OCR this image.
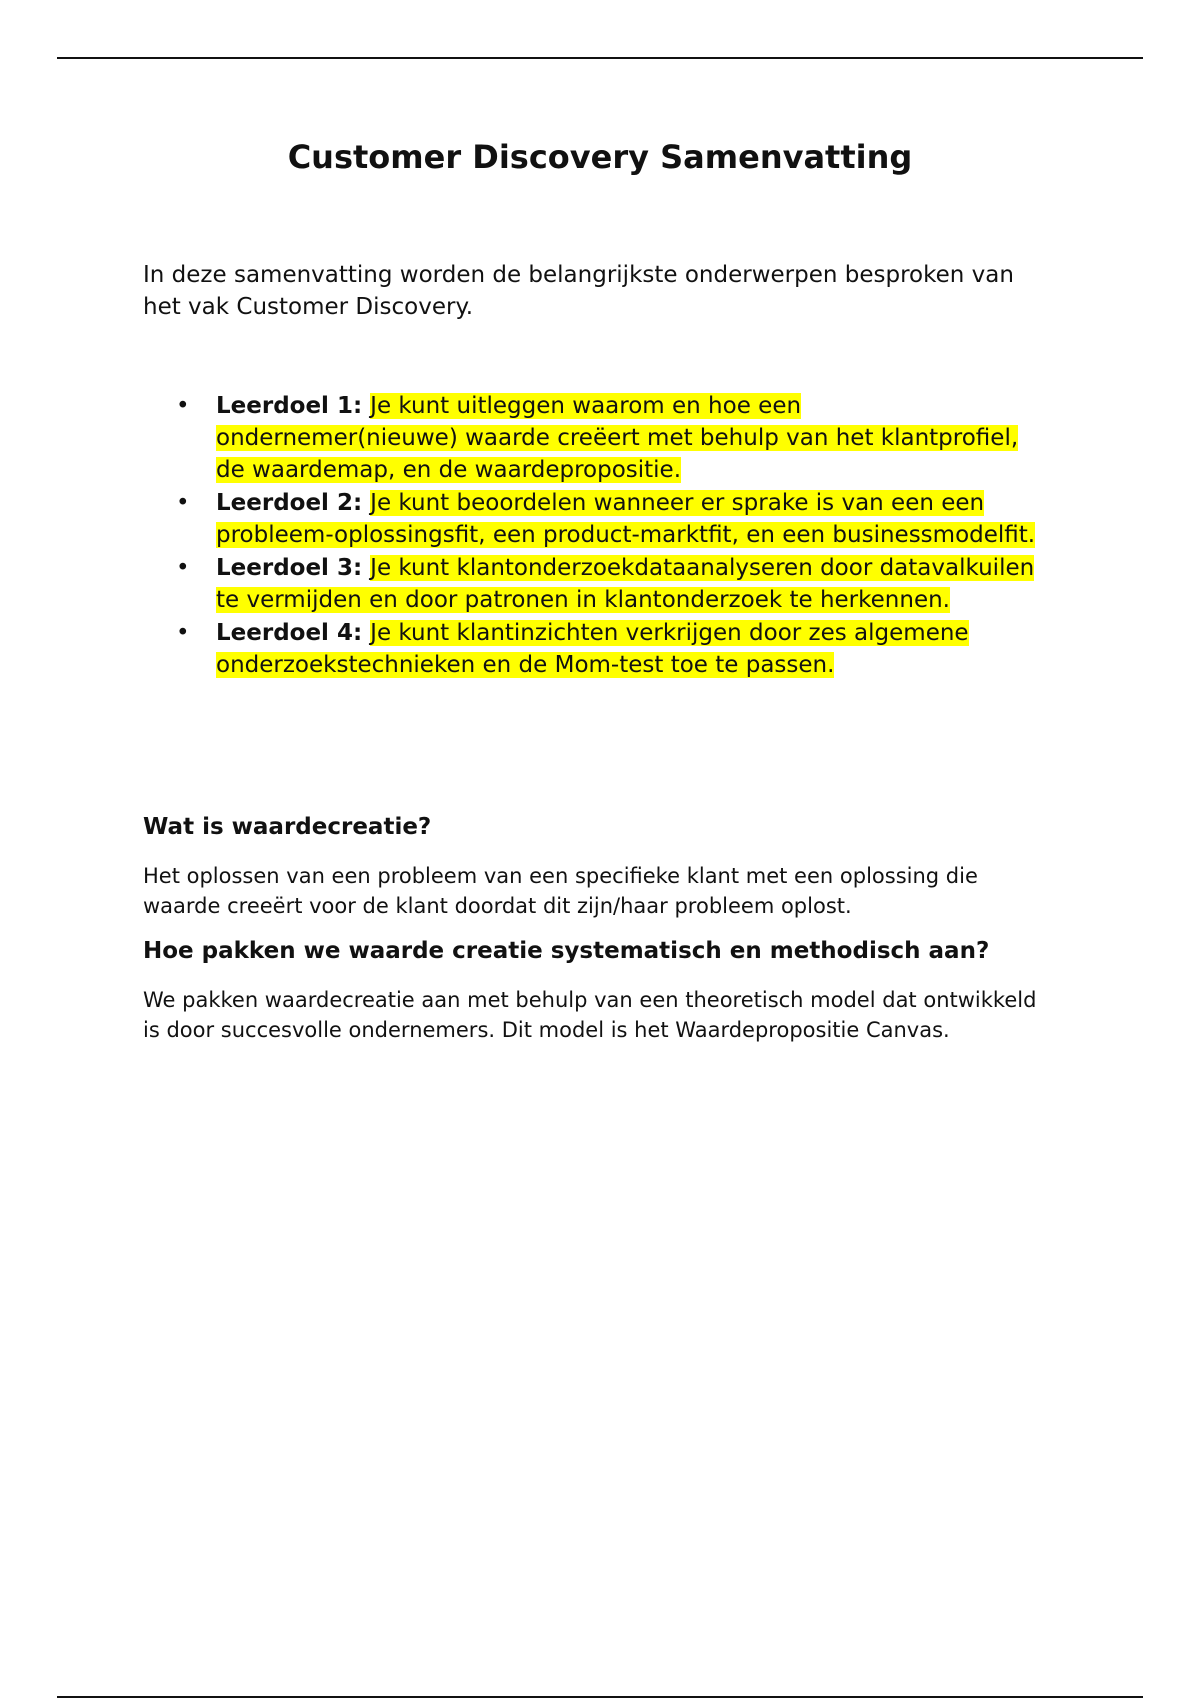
Customer Discovery Samenvatting

In deze samenvatting worden de belangrijkste onderwerpen besproken van het vak Customer Discovery.

• Leerdoel 1: Je kunt uitleggen waarom en hoe een ondernemer(nieuwe) waarde creëert met behulp van het klantprofiel, de waardemap, en de waardepropositie.
• Leerdoel 2: Je kunt beoordelen wanneer er sprake is van een een probleem-oplossingsfit, een product-marktfit, en een businessmodelfit.
• Leerdoel 3: Je kunt klantonderzoekdataanalyseren door datavalkuilen te vermijden en door patronen in klantonderzoek te herkennen.
• Leerdoel 4: Je kunt klantinzichten verkrijgen door zes algemene onderzoekstechnieken en de Mom-test toe te passen.
Wat is waardecreatie?

Het oplossen van een probleem van een specifieke klant met een oplossing die waarde creeërt voor de klant doordat dit zijn/haar probleem oplost.

Hoe pakken we waarde creatie systematisch en methodisch aan?

We pakken waardecreatie aan met behulp van een theoretisch model dat ontwikkeld is door succesvolle ondernemers. Dit model is het Waardepropositie Canvas.
